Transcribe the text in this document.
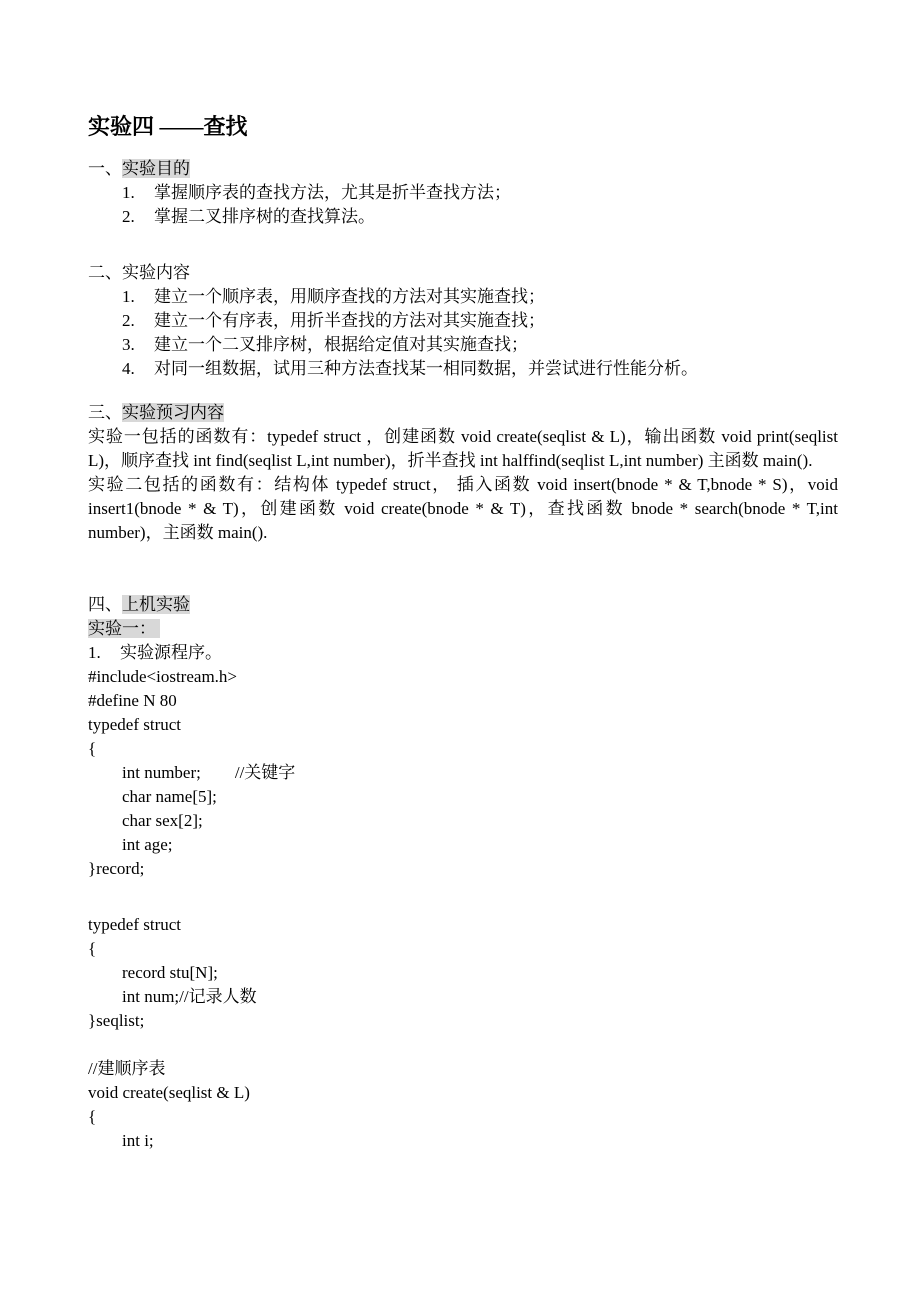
实验四 ——查找
一、实验目的
1. 掌握顺序表的查找方法，尤其是折半查找方法；
2. 掌握二叉排序树的查找算法。
二、实验内容
1. 建立一个顺序表，用顺序查找的方法对其实施查找；
2. 建立一个有序表，用折半查找的方法对其实施查找；
3. 建立一个二叉排序树，根据给定值对其实施查找；
4. 对同一组数据，试用三种方法查找某一相同数据，并尝试进行性能分析。
三、实验预习内容
实验一包括的函数有：typedef struct ，创建函数 void create(seqlist & L)，输出函数 void print(seqlist L)，顺序查找 int find(seqlist L,int number)，折半查找 int halffind(seqlist L,int number) 主函数 main().
实验二包括的函数有：结构体 typedef struct， 插入函数 void insert(bnode * & T,bnode * S)，void insert1(bnode * & T)，创建函数 void create(bnode * & T)，查找函数 bnode * search(bnode * T,int number)，主函数 main().
四、上机实验
实验一：
1. 实验源程序。
#include<iostream.h>
#define N 80
typedef struct
{
int number;        //关键字
char name[5];
char sex[2];
int age;
}record;
typedef struct
{
record stu[N];
int num;//记录人数
}seqlist;
//建顺序表
void create(seqlist & L)
{
int i;
